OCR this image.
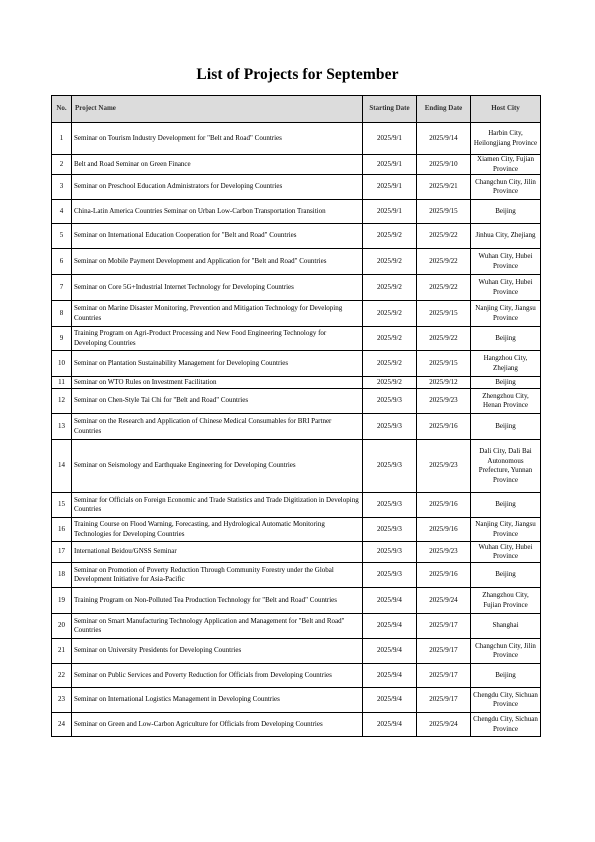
List of Projects for September
No.	Project Name	Starting Date	Ending Date	Host City
1	Seminar on Tourism Industry Development for "Belt and Road" Countries	2025/9/1	2025/9/14	Harbin City, Heilongjiang Province
2	Belt and Road Seminar on Green Finance	2025/9/1	2025/9/10	Xiamen City, Fujian Province
3	Seminar on Preschool Education Administrators for Developing Countries	2025/9/1	2025/9/21	Changchun City, Jilin Province
4	China-Latin America Countries Seminar on Urban Low-Carbon Transportation Transition	2025/9/1	2025/9/15	Beijing
5	Seminar on International Education Cooperation for "Belt and Road" Countries	2025/9/2	2025/9/22	Jinhua City, Zhejiang
6	Seminar on Mobile Payment Development and Application for "Belt and Road" Countries	2025/9/2	2025/9/22	Wuhan City, Hubei Province
7	Seminar on Core 5G+Industrial Internet Technology for Developing Countries	2025/9/2	2025/9/22	Wuhan City, Hubei Province
8	Seminar on Marine Disaster Monitoring, Prevention and Mitigation Technology for Developing Countries	2025/9/2	2025/9/15	Nanjing City, Jiangsu Province
9	Training Program on Agri-Product Processing and New Food Engineering Technology for Developing Countries	2025/9/2	2025/9/22	Beijing
10	Seminar on Plantation Sustainability Management for Developing Countries	2025/9/2	2025/9/15	Hangzhou City, Zhejiang
11	Seminar on WTO Rules on Investment Facilitation	2025/9/2	2025/9/12	Beijing
12	Seminar on Chen-Style Tai Chi for "Belt and Road" Countries	2025/9/3	2025/9/23	Zhengzhou City, Henan Province
13	Seminar on the Research and Application of Chinese Medical Consumables for BRI Partner Countries	2025/9/3	2025/9/16	Beijing
14	Seminar on Seismology and Earthquake Engineering for Developing Countries	2025/9/3	2025/9/23	Dali City, Dali Bai Autonomous Prefecture, Yunnan Province
15	Seminar for Officials on Foreign Economic and Trade Statistics and Trade Digitization in Developing Countries	2025/9/3	2025/9/16	Beijing
16	Training Course on Flood Warning, Forecasting, and Hydrological Automatic Monitoring Technologies for Developing Countries	2025/9/3	2025/9/16	Nanjing City, Jiangsu Province
17	International Beidou/GNSS Seminar	2025/9/3	2025/9/23	Wuhan City, Hubei Province
18	Seminar on Promotion of Poverty Reduction Through Community Forestry under the Global Development Initiative for Asia-Pacific	2025/9/3	2025/9/16	Beijing
19	Training Program on Non-Polluted Tea Production Technology for "Belt and Road" Countries	2025/9/4	2025/9/24	Zhangzhou City, Fujian Province
20	Seminar on Smart Manufacturing Technology Application and Management for "Belt and Road" Countries	2025/9/4	2025/9/17	Shanghai
21	Seminar on University Presidents for Developing Countries	2025/9/4	2025/9/17	Changchun City, Jilin Province
22	Seminar on Public Services and Poverty Reduction for Officials from Developing Countries	2025/9/4	2025/9/17	Beijing
23	Seminar on International Logistics Management in Developing Countries	2025/9/4	2025/9/17	Chengdu City, Sichuan Province
24	Seminar on Green and Low-Carbon Agriculture for Officials from Developing Countries	2025/9/4	2025/9/24	Chengdu City, Sichuan Province
